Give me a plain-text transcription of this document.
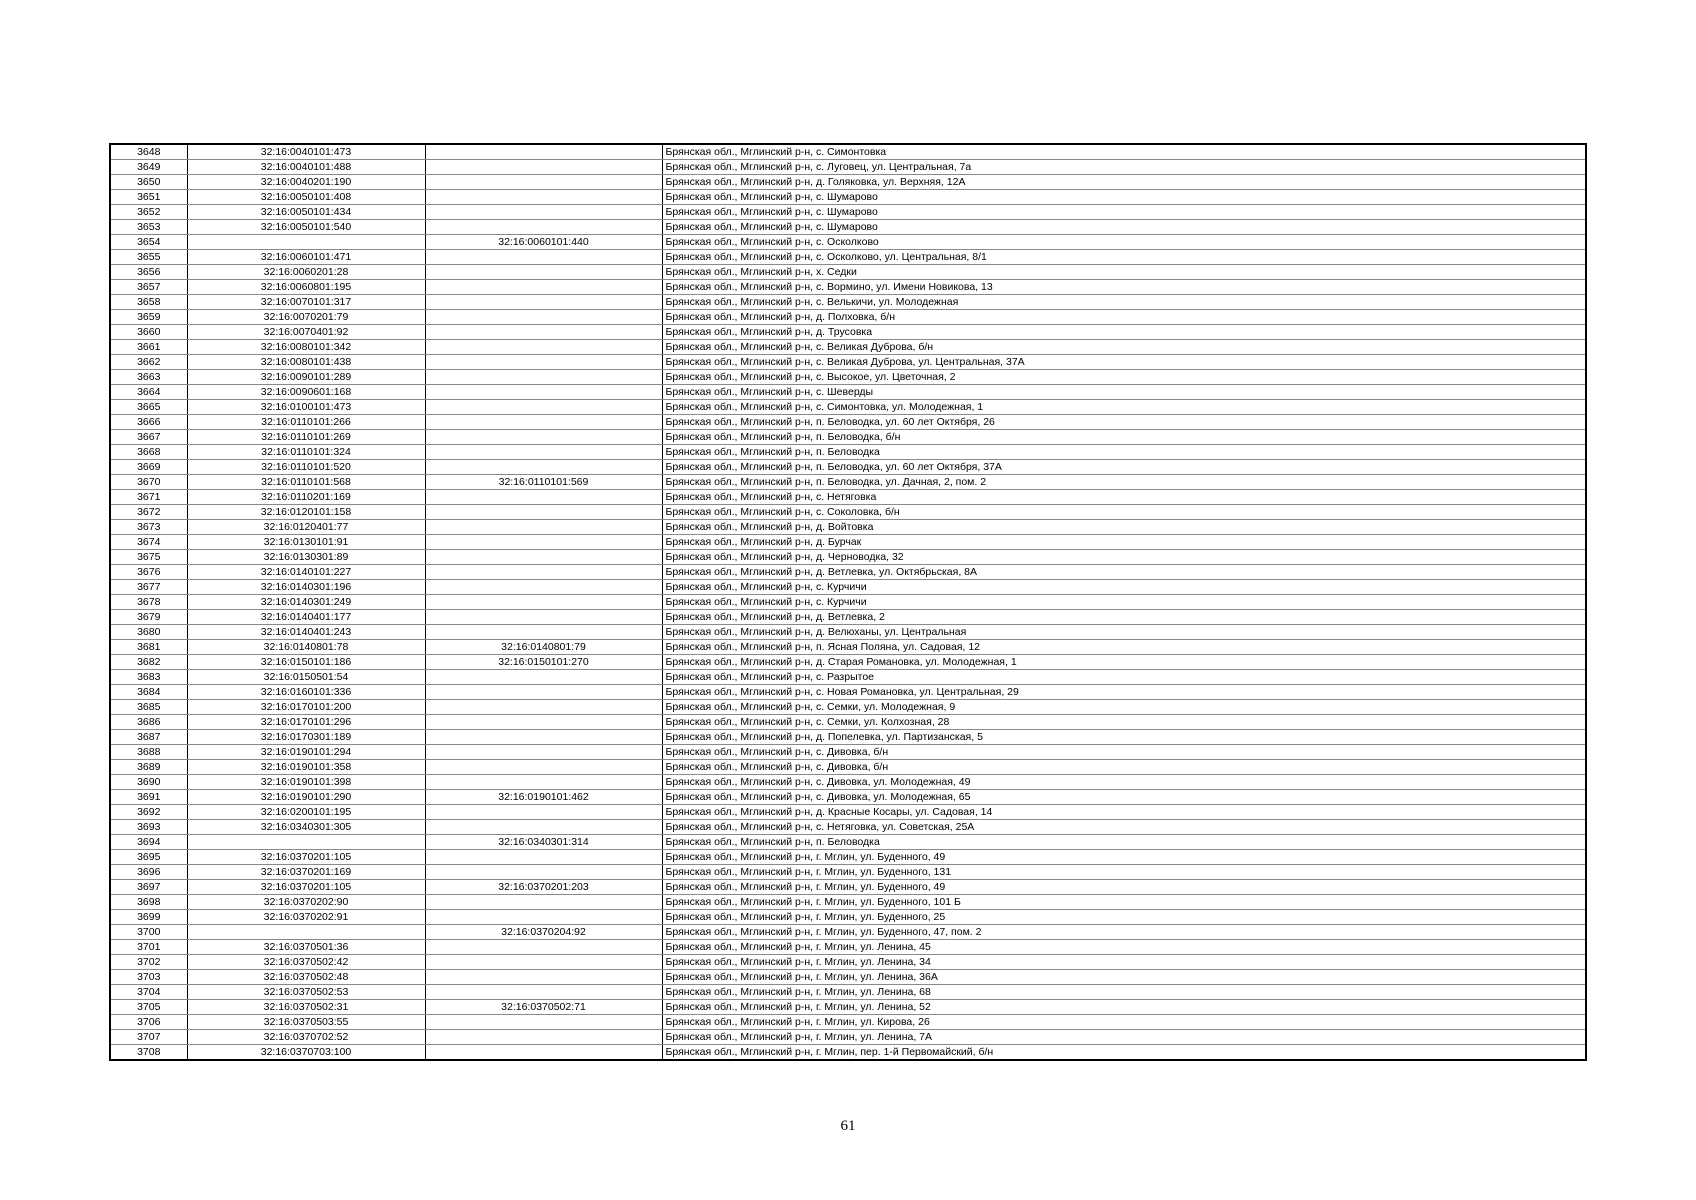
3648	32:16:0040101:473		Брянская обл., Мглинский р-н, с. Симонтовка
3649	32:16:0040101:488		Брянская обл., Мглинский р-н, с. Луговец, ул. Центральная, 7а
3650	32:16:0040201:190		Брянская обл., Мглинский р-н, д. Голяковка, ул. Верхняя, 12А
3651	32:16:0050101:408		Брянская обл., Мглинский р-н, с. Шумарово
3652	32:16:0050101:434		Брянская обл., Мглинский р-н, с. Шумарово
3653	32:16:0050101:540		Брянская обл., Мглинский р-н, с. Шумарово
3654		32:16:0060101:440	Брянская обл., Мглинский р-н, с. Осколково
3655	32:16:0060101:471		Брянская обл., Мглинский р-н, с. Осколково, ул. Центральная, 8/1
3656	32:16:0060201:28		Брянская обл., Мглинский р-н, х. Седки
3657	32:16:0060801:195		Брянская обл., Мглинский р-н, с. Вормино, ул. Имени Новикова, 13
3658	32:16:0070101:317		Брянская обл., Мглинский р-н, с. Велькичи, ул. Молодежная
3659	32:16:0070201:79		Брянская обл., Мглинский р-н, д. Полховка, б/н
3660	32:16:0070401:92		Брянская обл., Мглинский р-н, д. Трусовка
3661	32:16:0080101:342		Брянская обл., Мглинский р-н, с. Великая Дуброва, б/н
3662	32:16:0080101:438		Брянская обл., Мглинский р-н, с. Великая Дуброва, ул. Центральная, 37А
3663	32:16:0090101:289		Брянская обл., Мглинский р-н, с. Высокое, ул. Цветочная, 2
3664	32:16:0090601:168		Брянская обл., Мглинский р-н, с. Шеверды
3665	32:16:0100101:473		Брянская обл., Мглинский р-н, с. Симонтовка, ул. Молодежная, 1
3666	32:16:0110101:266		Брянская обл., Мглинский р-н, п. Беловодка, ул. 60 лет Октября, 26
3667	32:16:0110101:269		Брянская обл., Мглинский р-н, п. Беловодка, б/н
3668	32:16:0110101:324		Брянская обл., Мглинский р-н, п. Беловодка
3669	32:16:0110101:520		Брянская обл., Мглинский р-н, п. Беловодка, ул. 60 лет Октября, 37А
3670	32:16:0110101:568	32:16:0110101:569	Брянская обл., Мглинский р-н, п. Беловодка, ул. Дачная, 2, пом. 2
3671	32:16:0110201:169		Брянская обл., Мглинский р-н, с. Нетяговка
3672	32:16:0120101:158		Брянская обл., Мглинский р-н, с. Соколовка, б/н
3673	32:16:0120401:77		Брянская обл., Мглинский р-н, д. Войтовка
3674	32:16:0130101:91		Брянская обл., Мглинский р-н, д. Бурчак
3675	32:16:0130301:89		Брянская обл., Мглинский р-н, д. Черноводка, 32
3676	32:16:0140101:227		Брянская обл., Мглинский р-н, д. Ветлевка, ул. Октябрьская, 8А
3677	32:16:0140301:196		Брянская обл., Мглинский р-н, с. Курчичи
3678	32:16:0140301:249		Брянская обл., Мглинский р-н, с. Курчичи
3679	32:16:0140401:177		Брянская обл., Мглинский р-н, д. Ветлевка, 2
3680	32:16:0140401:243		Брянская обл., Мглинский р-н, д. Велюханы, ул. Центральная
3681	32:16:0140801:78	32:16:0140801:79	Брянская обл., Мглинский р-н, п. Ясная Поляна, ул. Садовая, 12
3682	32:16:0150101:186	32:16:0150101:270	Брянская обл., Мглинский р-н, д. Старая Романовка, ул. Молодежная, 1
3683	32:16:0150501:54		Брянская обл., Мглинский р-н, с. Разрытое
3684	32:16:0160101:336		Брянская обл., Мглинский р-н, с. Новая Романовка, ул. Центральная, 29
3685	32:16:0170101:200		Брянская обл., Мглинский р-н, с. Семки, ул. Молодежная, 9
3686	32:16:0170101:296		Брянская обл., Мглинский р-н, с. Семки, ул. Колхозная, 28
3687	32:16:0170301:189		Брянская обл., Мглинский р-н, д. Попелевка, ул. Партизанская, 5
3688	32:16:0190101:294		Брянская обл., Мглинский р-н, с. Дивовка, б/н
3689	32:16:0190101:358		Брянская обл., Мглинский р-н, с. Дивовка, б/н
3690	32:16:0190101:398		Брянская обл., Мглинский р-н, с. Дивовка, ул. Молодежная, 49
3691	32:16:0190101:290	32:16:0190101:462	Брянская обл., Мглинский р-н, с. Дивовка, ул. Молодежная, 65
3692	32:16:0200101:195		Брянская обл., Мглинский р-н, д. Красные Косары, ул. Садовая, 14
3693	32:16:0340301:305		Брянская обл., Мглинский р-н, с. Нетяговка, ул. Советская, 25А
3694		32:16:0340301:314	Брянская обл., Мглинский р-н, п. Беловодка
3695	32:16:0370201:105		Брянская обл., Мглинский р-н, г. Мглин, ул. Буденного, 49
3696	32:16:0370201:169		Брянская обл., Мглинский р-н, г. Мглин, ул. Буденного, 131
3697	32:16:0370201:105	32:16:0370201:203	Брянская обл., Мглинский р-н, г. Мглин, ул. Буденного, 49
3698	32:16:0370202:90		Брянская обл., Мглинский р-н, г. Мглин, ул. Буденного, 101 Б
3699	32:16:0370202:91		Брянская обл., Мглинский р-н, г. Мглин, ул. Буденного, 25
3700		32:16:0370204:92	Брянская обл., Мглинский р-н, г. Мглин, ул. Буденного, 47, пом. 2
3701	32:16:0370501:36		Брянская обл., Мглинский р-н, г. Мглин, ул. Ленина, 45
3702	32:16:0370502:42		Брянская обл., Мглинский р-н, г. Мглин, ул. Ленина, 34
3703	32:16:0370502:48		Брянская обл., Мглинский р-н, г. Мглин, ул. Ленина, 36А
3704	32:16:0370502:53		Брянская обл., Мглинский р-н, г. Мглин, ул. Ленина, 68
3705	32:16:0370502:31	32:16:0370502:71	Брянская обл., Мглинский р-н, г. Мглин, ул. Ленина, 52
3706	32:16:0370503:55		Брянская обл., Мглинский р-н, г. Мглин, ул. Кирова, 26
3707	32:16:0370702:52		Брянская обл., Мглинский р-н, г. Мглин, ул. Ленина, 7А
3708	32:16:0370703:100		Брянская обл., Мглинский р-н, г. Мглин, пер. 1-й Первомайский, б/н
61
